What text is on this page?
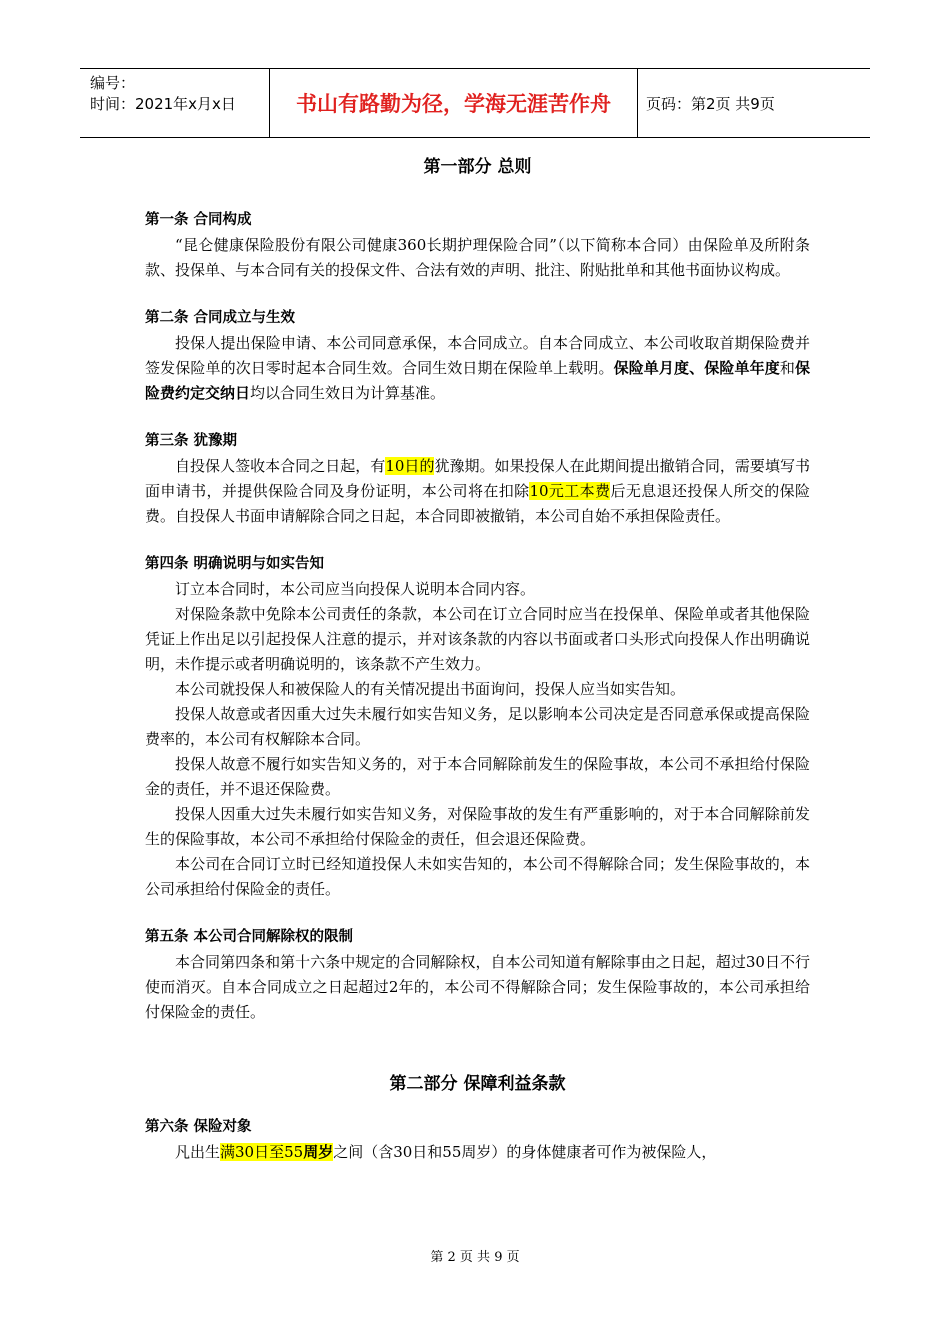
编号：
时间：2021年x月x日	书山有路勤为径，学海无涯苦作舟	页码：第2页 共9页

第一部分 总则

第一条 合同构成

“昆仑健康保险股份有限公司健康360长期护理保险合同”（以下简称本合同）由保险单及所附条款、投保单、与本合同有关的投保文件、合法有效的声明、批注、附贴批单和其他书面协议构成。

第二条 合同成立与生效

投保人提出保险申请、本公司同意承保，本合同成立。自本合同成立、本公司收取首期保险费并签发保险单的次日零时起本合同生效。合同生效日期在保险单上载明。保险单月度、保险单年度和保险费约定交纳日均以合同生效日为计算基准。

第三条 犹豫期

自投保人签收本合同之日起，有10日的犹豫期。如果投保人在此期间提出撤销合同，需要填写书面申请书，并提供保险合同及身份证明，本公司将在扣除10元工本费后无息退还投保人所交的保险费。自投保人书面申请解除合同之日起，本合同即被撤销，本公司自始不承担保险责任。

第四条 明确说明与如实告知

订立本合同时，本公司应当向投保人说明本合同内容。

对保险条款中免除本公司责任的条款，本公司在订立合同时应当在投保单、保险单或者其他保险凭证上作出足以引起投保人注意的提示，并对该条款的内容以书面或者口头形式向投保人作出明确说明，未作提示或者明确说明的，该条款不产生效力。

本公司就投保人和被保险人的有关情况提出书面询问，投保人应当如实告知。

投保人故意或者因重大过失未履行如实告知义务，足以影响本公司决定是否同意承保或提高保险费率的，本公司有权解除本合同。

投保人故意不履行如实告知义务的，对于本合同解除前发生的保险事故，本公司不承担给付保险金的责任，并不退还保险费。

投保人因重大过失未履行如实告知义务，对保险事故的发生有严重影响的，对于本合同解除前发生的保险事故，本公司不承担给付保险金的责任，但会退还保险费。

本公司在合同订立时已经知道投保人未如实告知的，本公司不得解除合同；发生保险事故的，本公司承担给付保险金的责任。

第五条 本公司合同解除权的限制

本合同第四条和第十六条中规定的合同解除权，自本公司知道有解除事由之日起，超过30日不行使而消灭。自本合同成立之日起超过2年的，本公司不得解除合同；发生保险事故的，本公司承担给付保险金的责任。

第二部分 保障利益条款

第六条 保险对象

凡出生满30日至55周岁之间（含30日和55周岁）的身体健康者可作为被保险人，

第 2 页 共 9 页
